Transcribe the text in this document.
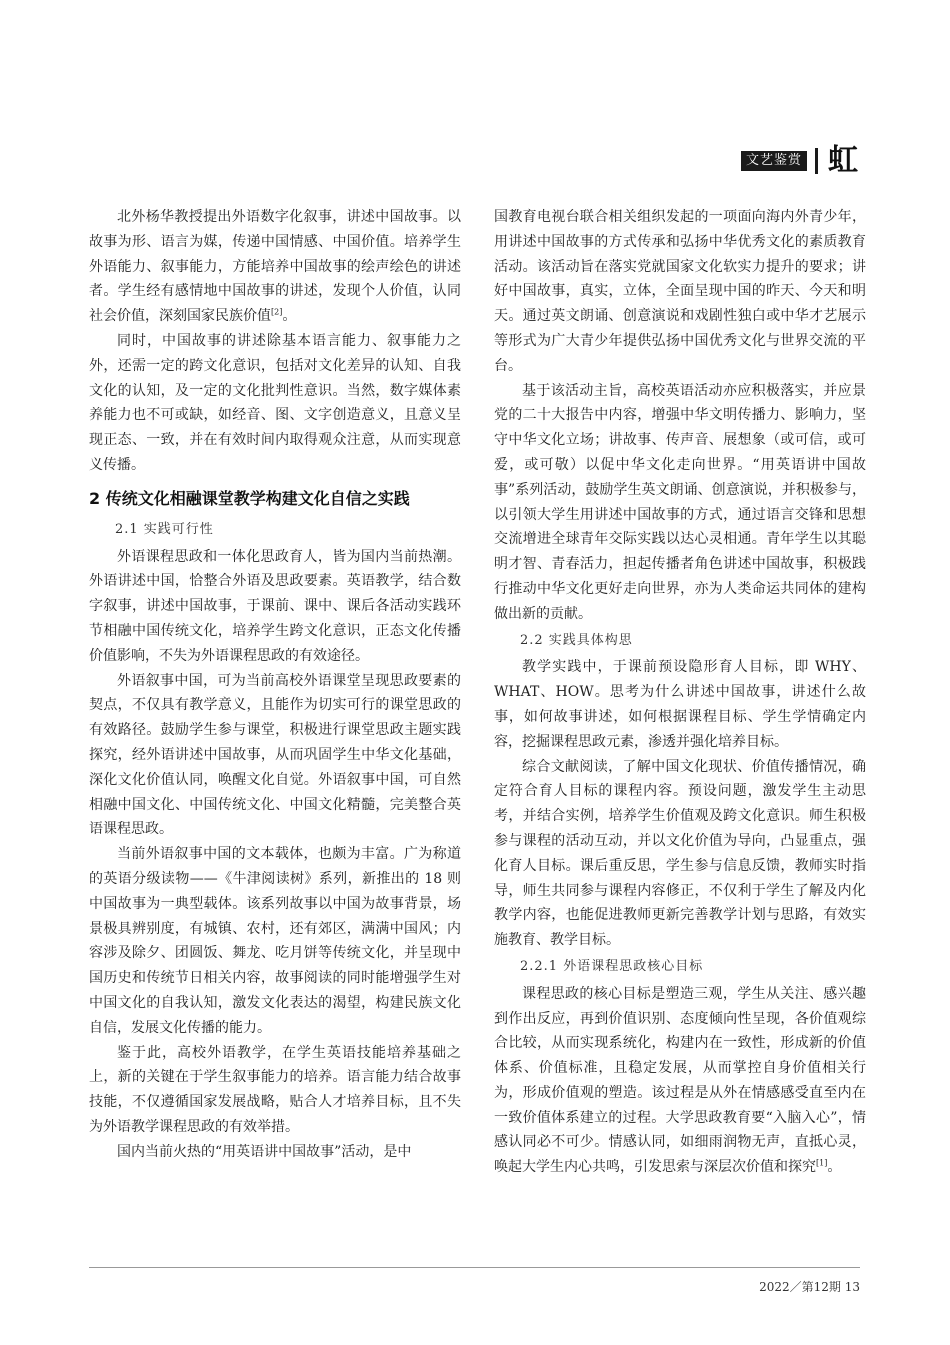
文艺鉴赏 虹

北外杨华教授提出外语数字化叙事，讲述中国故事。以故事为形、语言为媒，传递中国情感、中国价值。培养学生外语能力、叙事能力，方能培养中国故事的绘声绘色的讲述者。学生经有感情地中国故事的讲述，发现个人价值，认同社会价值，深刻国家民族价值[2]。

同时，中国故事的讲述除基本语言能力、叙事能力之外，还需一定的跨文化意识，包括对文化差异的认知、自我文化的认知，及一定的文化批判性意识。当然，数字媒体素养能力也不可或缺，如经音、图、文字创造意义，且意义呈现正态、一致，并在有效时间内取得观众注意，从而实现意义传播。

2 传统文化相融课堂教学构建文化自信之实践
2.1 实践可行性

外语课程思政和一体化思政育人，皆为国内当前热潮。外语讲述中国，恰整合外语及思政要素。英语教学，结合数字叙事，讲述中国故事，于课前、课中、课后各活动实践环节相融中国传统文化，培养学生跨文化意识，正态文化传播价值影响，不失为外语课程思政的有效途径。

外语叙事中国，可为当前高校外语课堂呈现思政要素的契点，不仅具有教学意义，且能作为切实可行的课堂思政的有效路径。鼓励学生参与课堂，积极进行课堂思政主题实践探究，经外语讲述中国故事，从而巩固学生中华文化基础，深化文化价值认同，唤醒文化自觉。外语叙事中国，可自然相融中国文化、中国传统文化、中国文化精髓，完美整合英语课程思政。

当前外语叙事中国的文本载体，也颇为丰富。广为称道的英语分级读物——《牛津阅读树》系列，新推出的 18 则中国故事为一典型载体。该系列故事以中国为故事背景，场景极具辨别度，有城镇、农村，还有郊区，满满中国风；内容涉及除夕、团圆饭、舞龙、吃月饼等传统文化，并呈现中国历史和传统节日相关内容，故事阅读的同时能增强学生对中国文化的自我认知，激发文化表达的渴望，构建民族文化自信，发展文化传播的能力。

鉴于此，高校外语教学，在学生英语技能培养基础之上，新的关键在于学生叙事能力的培养。语言能力结合故事技能，不仅遵循国家发展战略，贴合人才培养目标，且不失为外语教学课程思政的有效举措。

国内当前火热的“用英语讲中国故事”活动，是中

国教育电视台联合相关组织发起的一项面向海内外青少年，用讲述中国故事的方式传承和弘扬中华优秀文化的素质教育活动。该活动旨在落实党就国家文化软实力提升的要求；讲好中国故事，真实，立体，全面呈现中国的昨天、今天和明天。通过英文朗诵、创意演说和戏剧性独白或中华才艺展示等形式为广大青少年提供弘扬中国优秀文化与世界交流的平台。

基于该活动主旨，高校英语活动亦应积极落实，并应景党的二十大报告中内容，增强中华文明传播力、影响力，坚守中华文化立场；讲故事、传声音、展想象（或可信，或可爱，或可敬）以促中华文化走向世界。“用英语讲中国故事”系列活动，鼓励学生英文朗诵、创意演说，并积极参与，以引领大学生用讲述中国故事的方式，通过语言交锋和思想交流增进全球青年交际实践以达心灵相通。青年学生以其聪明才智、青春活力，担起传播者角色讲述中国故事，积极践行推动中华文化更好走向世界，亦为人类命运共同体的建构做出新的贡献。

2.2 实践具体构思

教学实践中，于课前预设隐形育人目标，即 WHY、WHAT、HOW。思考为什么讲述中国故事，讲述什么故事，如何故事讲述，如何根据课程目标、学生学情确定内容，挖掘课程思政元素，渗透并强化培养目标。

综合文献阅读，了解中国文化现状、价值传播情况，确定符合育人目标的课程内容。预设问题，激发学生主动思考，并结合实例，培养学生价值观及跨文化意识。师生积极参与课程的活动互动，并以文化价值为导向，凸显重点，强化育人目标。课后重反思，学生参与信息反馈，教师实时指导，师生共同参与课程内容修正，不仅利于学生了解及内化教学内容，也能促进教师更新完善教学计划与思路，有效实施教育、教学目标。

2.2.1 外语课程思政核心目标

课程思政的核心目标是塑造三观，学生从关注、感兴趣到作出反应，再到价值识别、态度倾向性呈现，各价值观综合比较，从而实现系统化，构建内在一致性，形成新的价值体系、价值标准，且稳定发展，从而掌控自身价值相关行为，形成价值观的塑造。该过程是从外在情感感受直至内在一致价值体系建立的过程。大学思政教育要“入脑入心”，情感认同必不可少。情感认同，如细雨润物无声，直抵心灵，唤起大学生内心共鸣，引发思索与深层次价值和探究[1]。

2022／第12期 13
